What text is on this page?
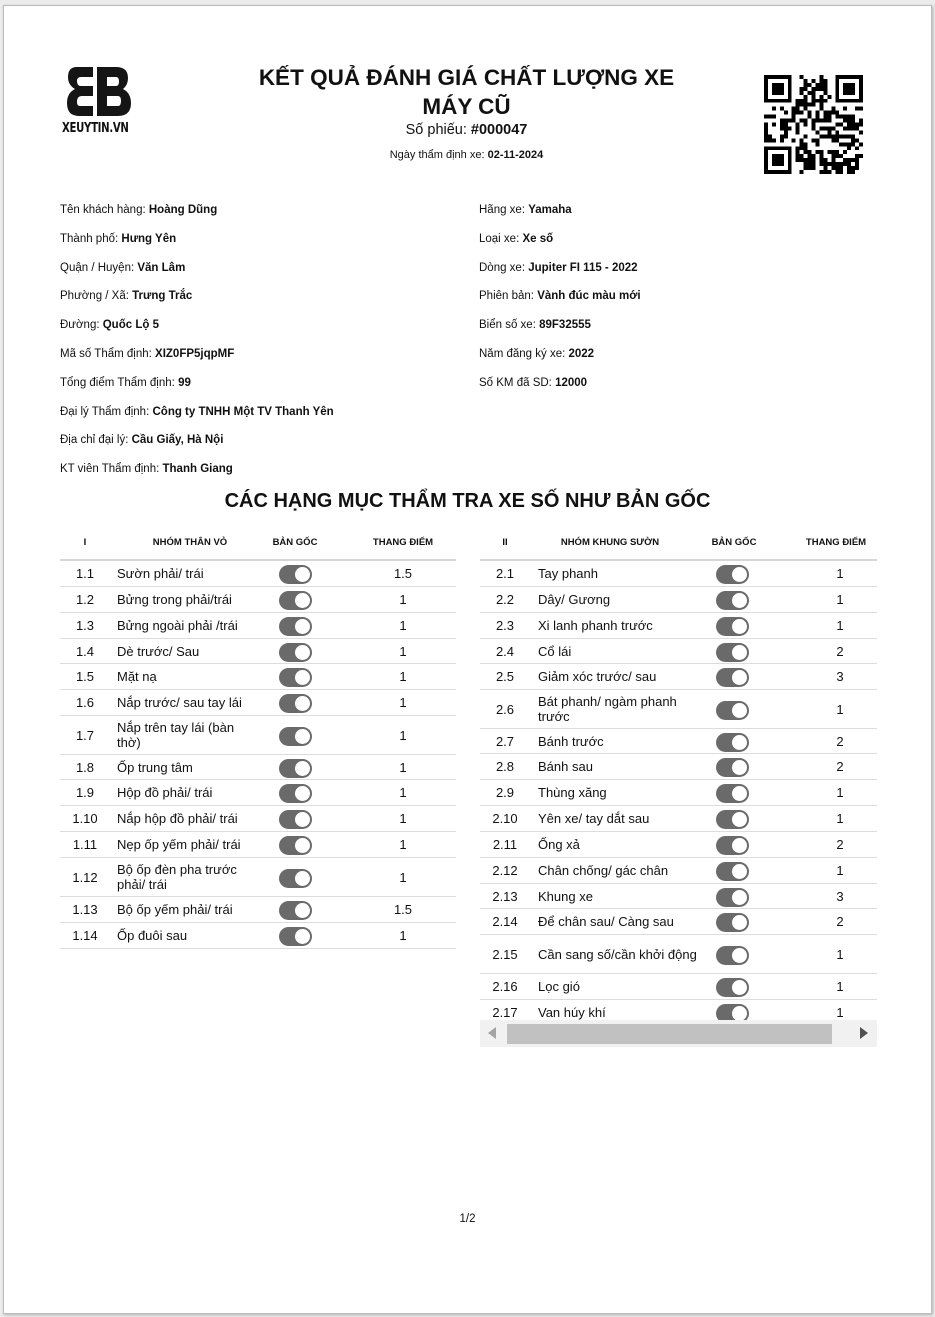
XEUYTIN.VN
KẾT QUẢ ĐÁNH GIÁ CHẤT LƯỢNG XE
MÁY CŨ
Số phiếu: #000047
Ngày thẩm định xe: 02-11-2024
Tên khách hàng: Hoàng Dũng
Thành phố: Hưng Yên
Quận / Huyện: Văn Lâm
Phường / Xã: Trưng Trắc
Đường: Quốc Lộ 5
Mã số Thẩm định: XIZ0FP5jqpMF
Tổng điểm Thẩm định: 99
Đại lý Thẩm định: Công ty TNHH Một TV Thanh Yên
Địa chỉ đại lý: Cầu Giấy, Hà Nội
KT viên Thẩm định: Thanh Giang
Hãng xe: Yamaha
Loại xe: Xe số
Dòng xe: Jupiter FI 115 - 2022
Phiên bản: Vành đúc màu mới
Biển số xe: 89F32555
Năm đăng ký xe: 2022
Số KM đã SD: 12000
CÁC HẠNG MỤC THẨM TRA XE SỐ NHƯ BẢN GỐC
I	NHÓM THÂN VỎ	BẢN GỐC	THANG ĐIỂM
1.1	Sườn phải/ trái	1.5
1.2	Bửng trong phải/trái	1
1.3	Bửng ngoài phải /trái	1
1.4	Dè trước/ Sau	1
1.5	Mặt nạ	1
1.6	Nắp trước/ sau tay lái	1
1.7	Nắp trên tay lái (bàn thờ)	1
1.8	Ốp trung tâm	1
1.9	Hộp đồ phải/ trái	1
1.10	Nắp hộp đồ phải/ trái	1
1.11	Nẹp ốp yếm phải/ trái	1
1.12	Bộ ốp đèn pha trước phải/ trái	1
1.13	Bộ ốp yếm phải/ trái	1.5
1.14	Ốp đuôi sau	1
II	NHÓM KHUNG SƯỜN	BẢN GỐC	THANG ĐIỂM
2.1	Tay phanh	1
2.2	Dây/ Gương	1
2.3	Xi lanh phanh trước	1
2.4	Cổ lái	2
2.5	Giảm xóc trước/ sau	3
2.6	Bát phanh/ ngàm phanh trước	1
2.7	Bánh trước	2
2.8	Bánh sau	2
2.9	Thùng xăng	1
2.10	Yên xe/ tay dắt sau	1
2.11	Ống xả	2
2.12	Chân chống/ gác chân	1
2.13	Khung xe	3
2.14	Để chân sau/ Càng sau	2
2.15	Cần sang số/cần khởi động	1
2.16	Lọc gió	1
2.17	Van húy khí	1
1/2
